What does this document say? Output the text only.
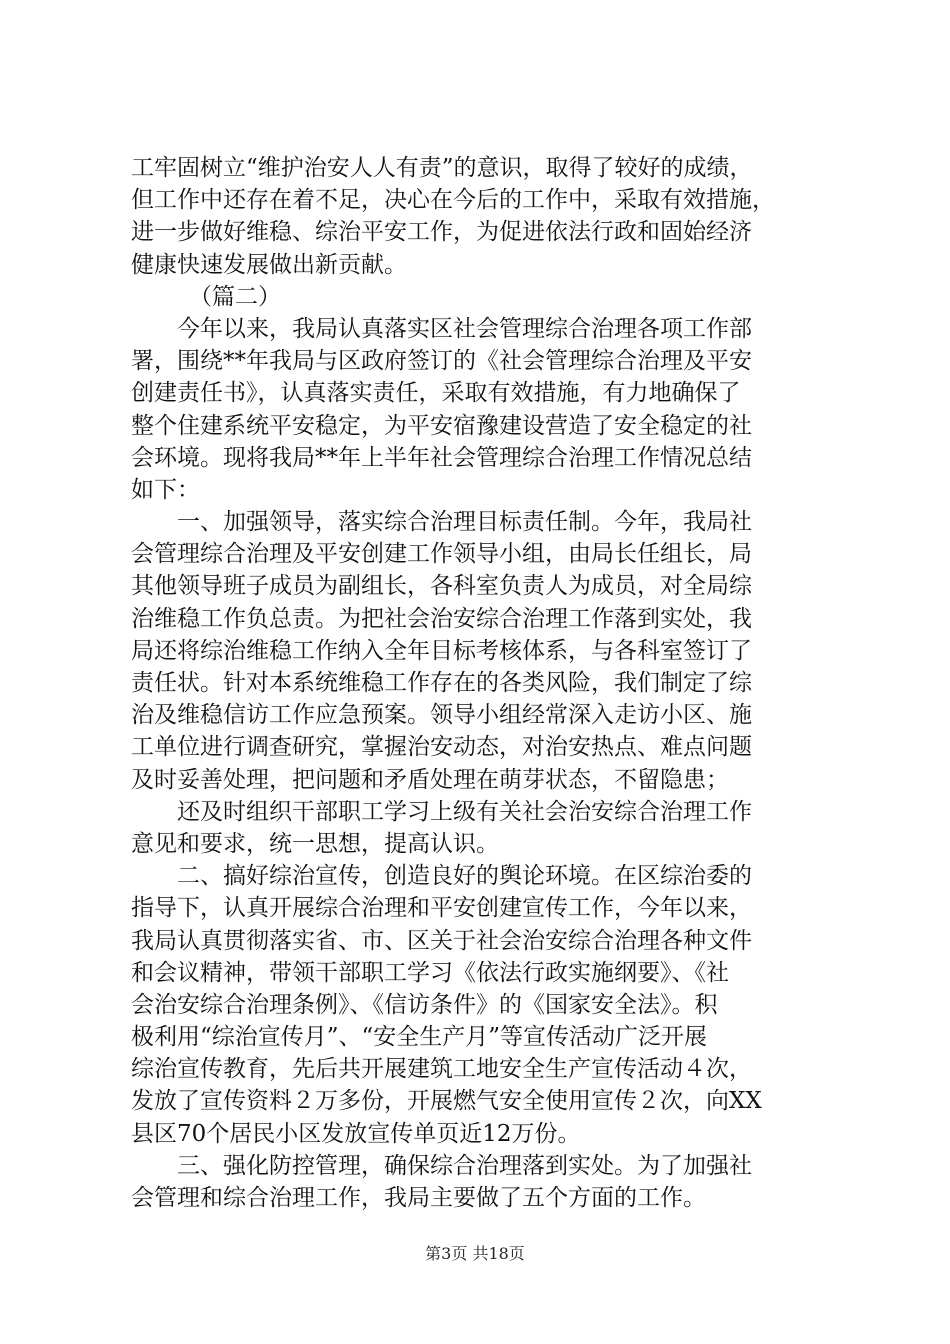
工牢固树立“维护治安人人有责”的意识，取得了较好的成绩，
但工作中还存在着不足，决心在今后的工作中，采取有效措施，
进一步做好维稳、综治平安工作，为促进依法行政和固始经济
健康快速发展做出新贡献。
（篇二）
今年以来，我局认真落实区社会管理综合治理各项工作部
署，围绕**年我局与区政府签订的《社会管理综合治理及平安
创建责任书》，认真落实责任，采取有效措施，有力地确保了
整个住建系统平安稳定，为平安宿豫建设营造了安全稳定的社
会环境。现将我局**年上半年社会管理综合治理工作情况总结
如下：
一、加强领导，落实综合治理目标责任制。今年，我局社
会管理综合治理及平安创建工作领导小组，由局长任组长，局
其他领导班子成员为副组长，各科室负责人为成员，对全局综
治维稳工作负总责。为把社会治安综合治理工作落到实处，我
局还将综治维稳工作纳入全年目标考核体系，与各科室签订了
责任状。针对本系统维稳工作存在的各类风险，我们制定了综
治及维稳信访工作应急预案。领导小组经常深入走访小区、施
工单位进行调查研究，掌握治安动态，对治安热点、难点问题
及时妥善处理，把问题和矛盾处理在萌芽状态，不留隐患；
还及时组织干部职工学习上级有关社会治安综合治理工作
意见和要求，统一思想，提高认识。
二、搞好综治宣传，创造良好的舆论环境。在区综治委的
指导下，认真开展综合治理和平安创建宣传工作，今年以来，
我局认真贯彻落实省、市、区关于社会治安综合治理各种文件
和会议精神，带领干部职工学习《依法行政实施纲要》、《社
会治安综合治理条例》、《信访条件》的《国家安全法》。积
极利用“综治宣传月”、“安全生产月”等宣传活动广泛开展
综治宣传教育，先后共开展建筑工地安全生产宣传活动４次，
发放了宣传资料２万多份，开展燃气安全使用宣传２次，向XX
县区70个居民小区发放宣传单页近12万份。
三、强化防控管理，确保综合治理落到实处。为了加强社
会管理和综合治理工作，我局主要做了五个方面的工作。
第3页 共18页
